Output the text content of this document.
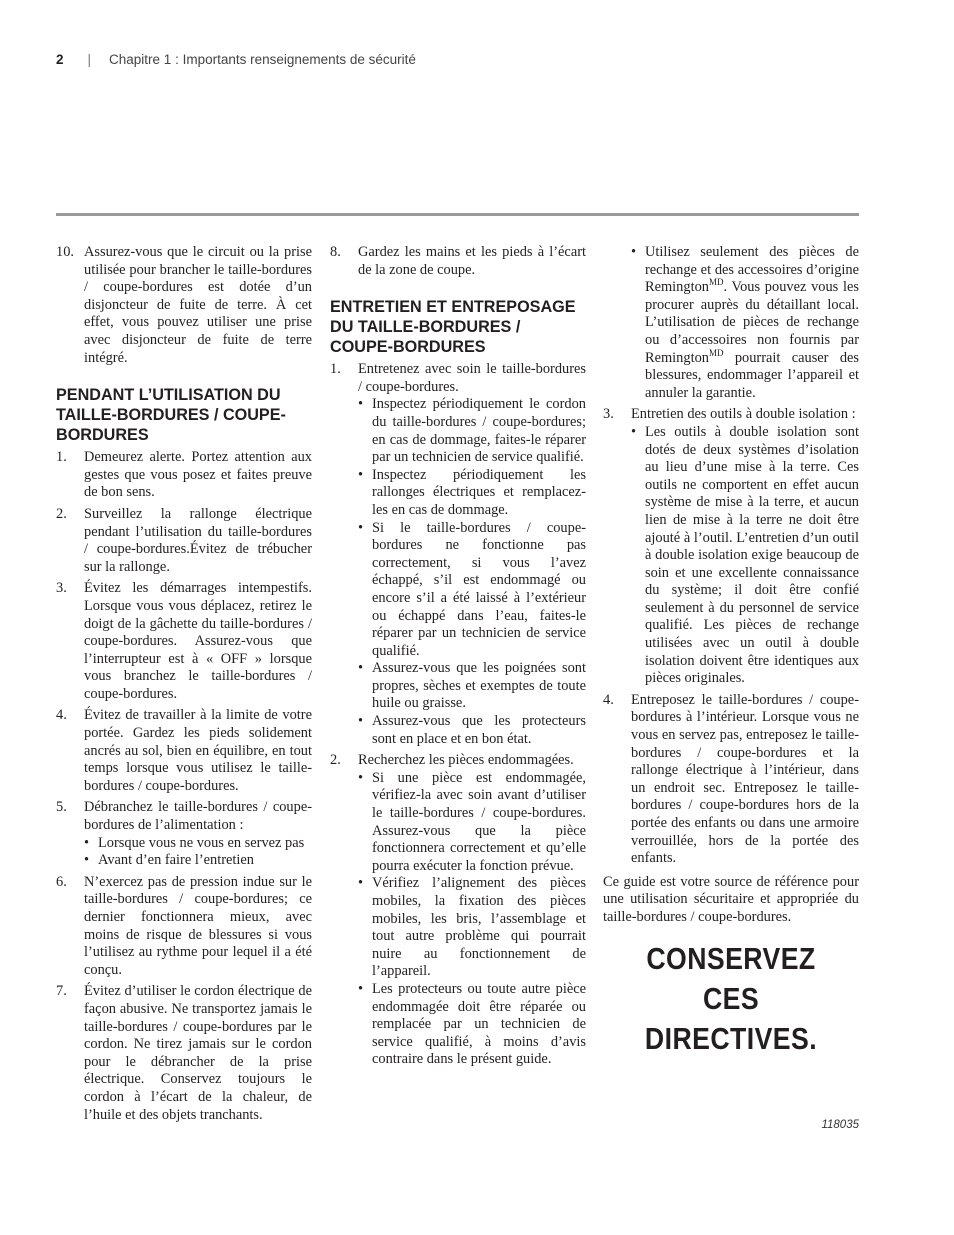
2 | Chapitre 1 : Importants renseignements de sécurité
10. Assurez-vous que le circuit ou la prise utilisée pour brancher le taille-bordures / coupe-bordures est dotée d’un disjoncteur de fuite de terre. À cet effet, vous pouvez utiliser une prise avec disjoncteur de fuite de terre intégré.
PENDANT L’UTILISATION DU TAILLE-BORDURES / COUPE-BORDURES
1.	Demeurez alerte. Portez attention aux gestes que vous posez et faites preuve de bon sens.
2.	Surveillez la rallonge électrique pendant l’utilisation du taille-bordures / coupe-bordures.Évitez de trébucher sur la rallonge.
3.	Évitez les démarrages intempestifs. Lorsque vous vous déplacez, retirez le doigt de la gâchette du taille-bordures / coupe-bordures. Assurez-vous que l’interrupteur est à « OFF » lorsque vous branchez le taille-bordures / coupe-bordures.
4.	Évitez de travailler à la limite de votre portée. Gardez les pieds solidement ancrés au sol, bien en équilibre, en tout temps lorsque vous utilisez le taille-bordures / coupe-bordures.
5.	Débranchez le taille-bordures / coupe-bordures de l’alimentation :
• Lorsque vous ne vous en servez pas
• Avant d’en faire l’entretien
6.	N’exercez pas de pression indue sur le taille-bordures / coupe-bordures; ce dernier fonctionnera mieux, avec moins de risque de blessures si vous l’utilisez au rythme pour lequel il a été conçu.
7.	Évitez d’utiliser le cordon électrique de façon abusive. Ne transportez jamais le taille-bordures / coupe-bordures par le cordon. Ne tirez jamais sur le cordon pour le débrancher de la prise électrique. Conservez toujours le cordon à l’écart de la chaleur, de l’huile et des objets tranchants.
8.	Gardez les mains et les pieds à l’écart de la zone de coupe.
ENTRETIEN ET ENTREPOSAGE DU TAILLE-BORDURES / COUPE-BORDURES
1.	Entretenez avec soin le taille-bordures / coupe-bordures.
• Inspectez périodiquement le cordon du taille-bordures / coupe-bordures; en cas de dommage, faites-le réparer par un technicien de service qualifié.
• Inspectez périodiquement les rallonges électriques et remplacez-les en cas de dommage.
• Si le taille-bordures / coupe-bordures ne fonctionne pas correctement, si vous l’avez échappé, s’il est endommagé ou encore s’il a été laissé à l’extérieur ou échappé dans l’eau, faites-le réparer par un technicien de service qualifié.
• Assurez-vous que les poignées sont propres, sèches et exemptes de toute huile ou graisse.
• Assurez-vous que les protecteurs sont en place et en bon état.
2.	Recherchez les pièces endommagées.
• Si une pièce est endommagée, vérifiez-la avec soin avant d’utiliser le taille-bordures / coupe-bordures. Assurez-vous que la pièce fonctionnera correctement et qu’elle pourra exécuter la fonction prévue.
• Vérifiez l’alignement des pièces mobiles, la fixation des pièces mobiles, les bris, l’assemblage et tout autre problème qui pourrait nuire au fonctionnement de l’appareil.
• Les protecteurs ou toute autre pièce endommagée doit être réparée ou remplacée par un technicien de service qualifié, à moins d’avis contraire dans le présent guide.
• Utilisez seulement des pièces de rechange et des accessoires d’origine Remington$^{MD}$. Vous pouvez vous les procurer auprès du détaillant local. L’utilisation de pièces de rechange ou d’accessoires non fournis par Remington$^{MD}$ pourrait causer des blessures, endommager l’appareil et annuler la garantie.
3.	Entretien des outils à double isolation :
• Les outils à double isolation sont dotés de deux systèmes d’isolation au lieu d’une mise à la terre. Ces outils ne comportent en effet aucun système de mise à la terre, et aucun lien de mise à la terre ne doit être ajouté à l’outil. L’entretien d’un outil à double isolation exige beaucoup de soin et une excellente connaissance du système; il doit être confié seulement à du personnel de service qualifié. Les pièces de rechange utilisées avec un outil à double isolation doivent être identiques aux pièces originales.
4.	Entreposez le taille-bordures / coupe-bordures à l’intérieur. Lorsque vous ne vous en servez pas, entreposez le taille-bordures / coupe-bordures et la rallonge électrique à l’intérieur, dans un endroit sec. Entreposez le taille-bordures / coupe-bordures hors de la portée des enfants ou dans une armoire verrouillée, hors de la portée des enfants.
Ce guide est votre source de référence pour une utilisation sécuritaire et appropriée du taille-bordures / coupe-bordures.
CONSERVEZ CES
DIRECTIVES.
118035
